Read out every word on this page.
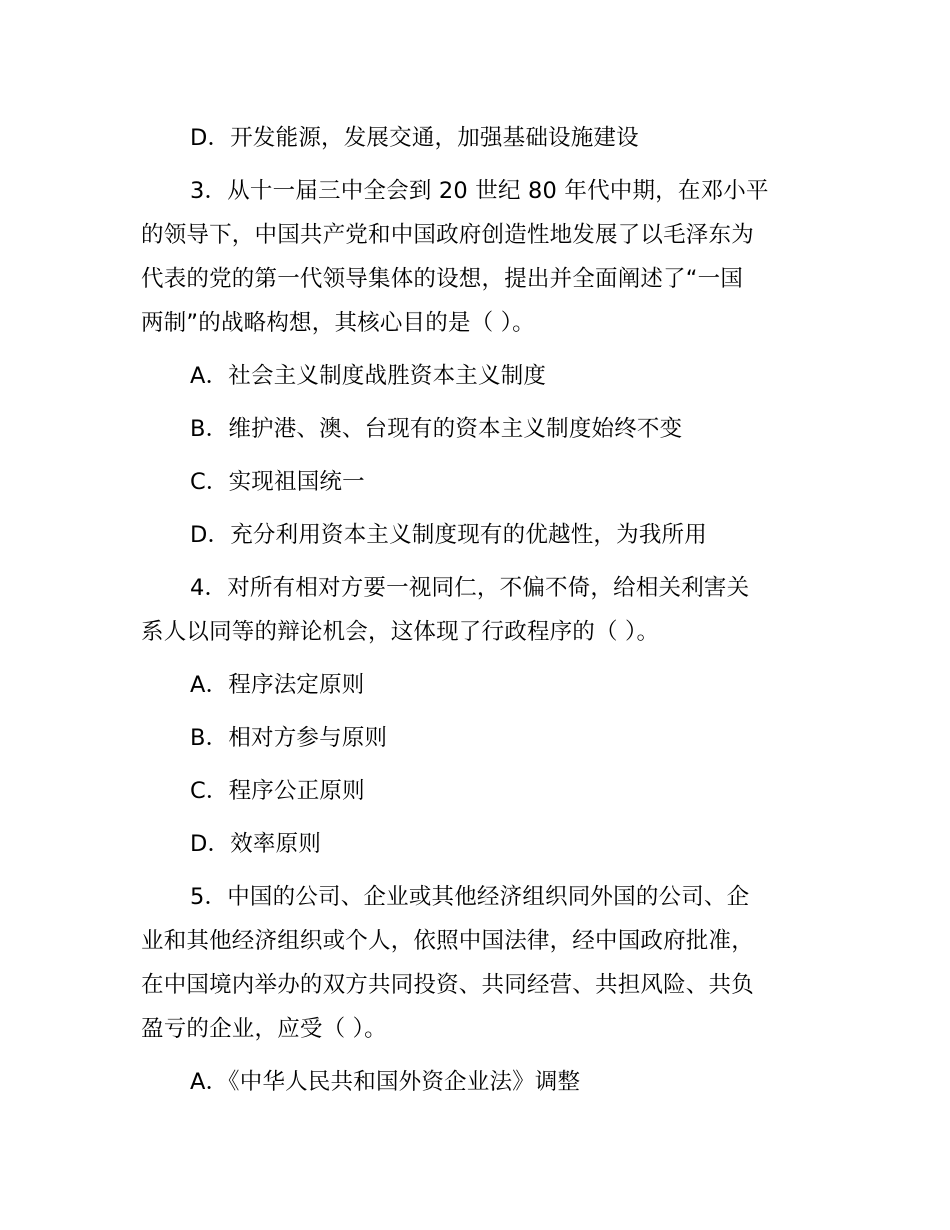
D．开发能源，发展交通，加强基础设施建设

3．从十一届三中全会到 20 世纪 80 年代中期，在邓小平
的领导下，中国共产党和中国政府创造性地发展了以毛泽东为
代表的党的第一代领导集体的设想，提出并全面阐述了“一国
两制”的战略构想，其核心目的是（ ）。

A．社会主义制度战胜资本主义制度

B．维护港、澳、台现有的资本主义制度始终不变

C．实现祖国统一

D．充分利用资本主义制度现有的优越性，为我所用

4．对所有相对方要一视同仁，不偏不倚，给相关利害关
系人以同等的辩论机会，这体现了行政程序的（ ）。

A．程序法定原则

B．相对方参与原则

C．程序公正原则

D．效率原则

5．中国的公司、企业或其他经济组织同外国的公司、企
业和其他经济组织或个人，依照中国法律，经中国政府批准，
在中国境内举办的双方共同投资、共同经营、共担风险、共负
盈亏的企业，应受（ ）。

A．《中华人民共和国外资企业法》调整
